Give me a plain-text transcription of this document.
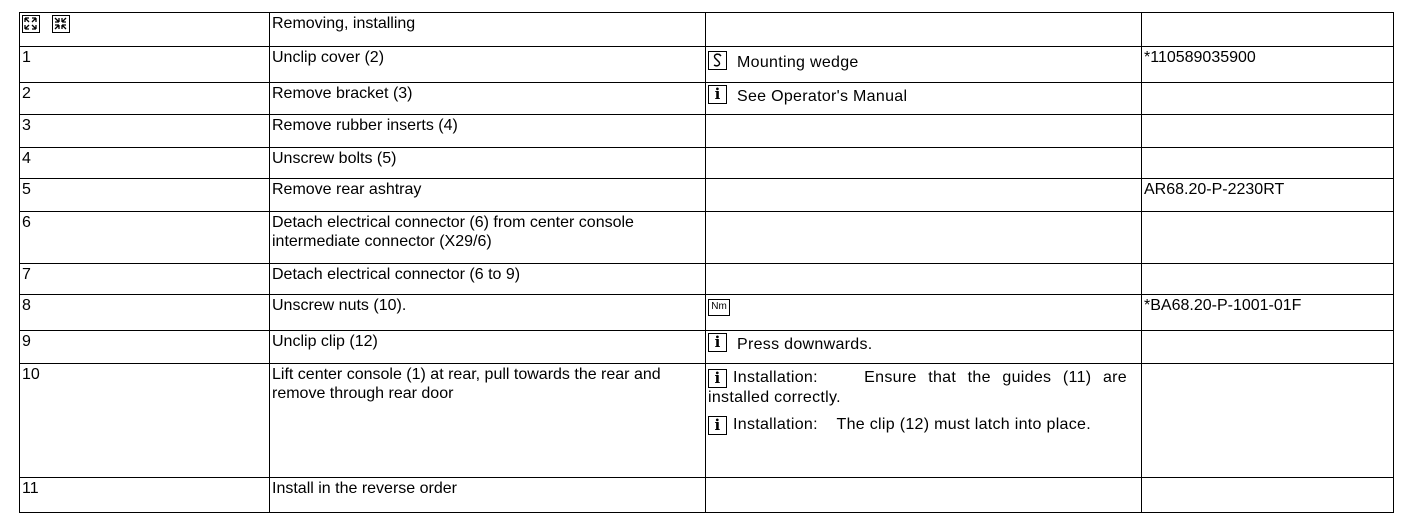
	Removing, installing		
1	Unclip cover (2)	Mounting wedge	*110589035900
2	Remove bracket (3)	i See Operator's Manual	

3	Remove rubber inserts (4)		
4	Unscrew bolts (5)		
5	Remove rear ashtray		AR68.20-P-2230RT
6	Detach electrical connector (6) from center console intermediate connector (X29/6)		
7	Detach electrical connector (6 to 9)		
8	Unscrew nuts (10).	Nm	*BA68.20-P-1001-01F
9	Unclip clip (12)	i Press downwards.	

10	Lift center console (1) at rear, pull towards the rear and remove through rear door	i Installation:    Ensure that the guides (11) are installed correctly.
i Installation:    The clip (12) must latch into place.	

11	Install in the reverse order		
